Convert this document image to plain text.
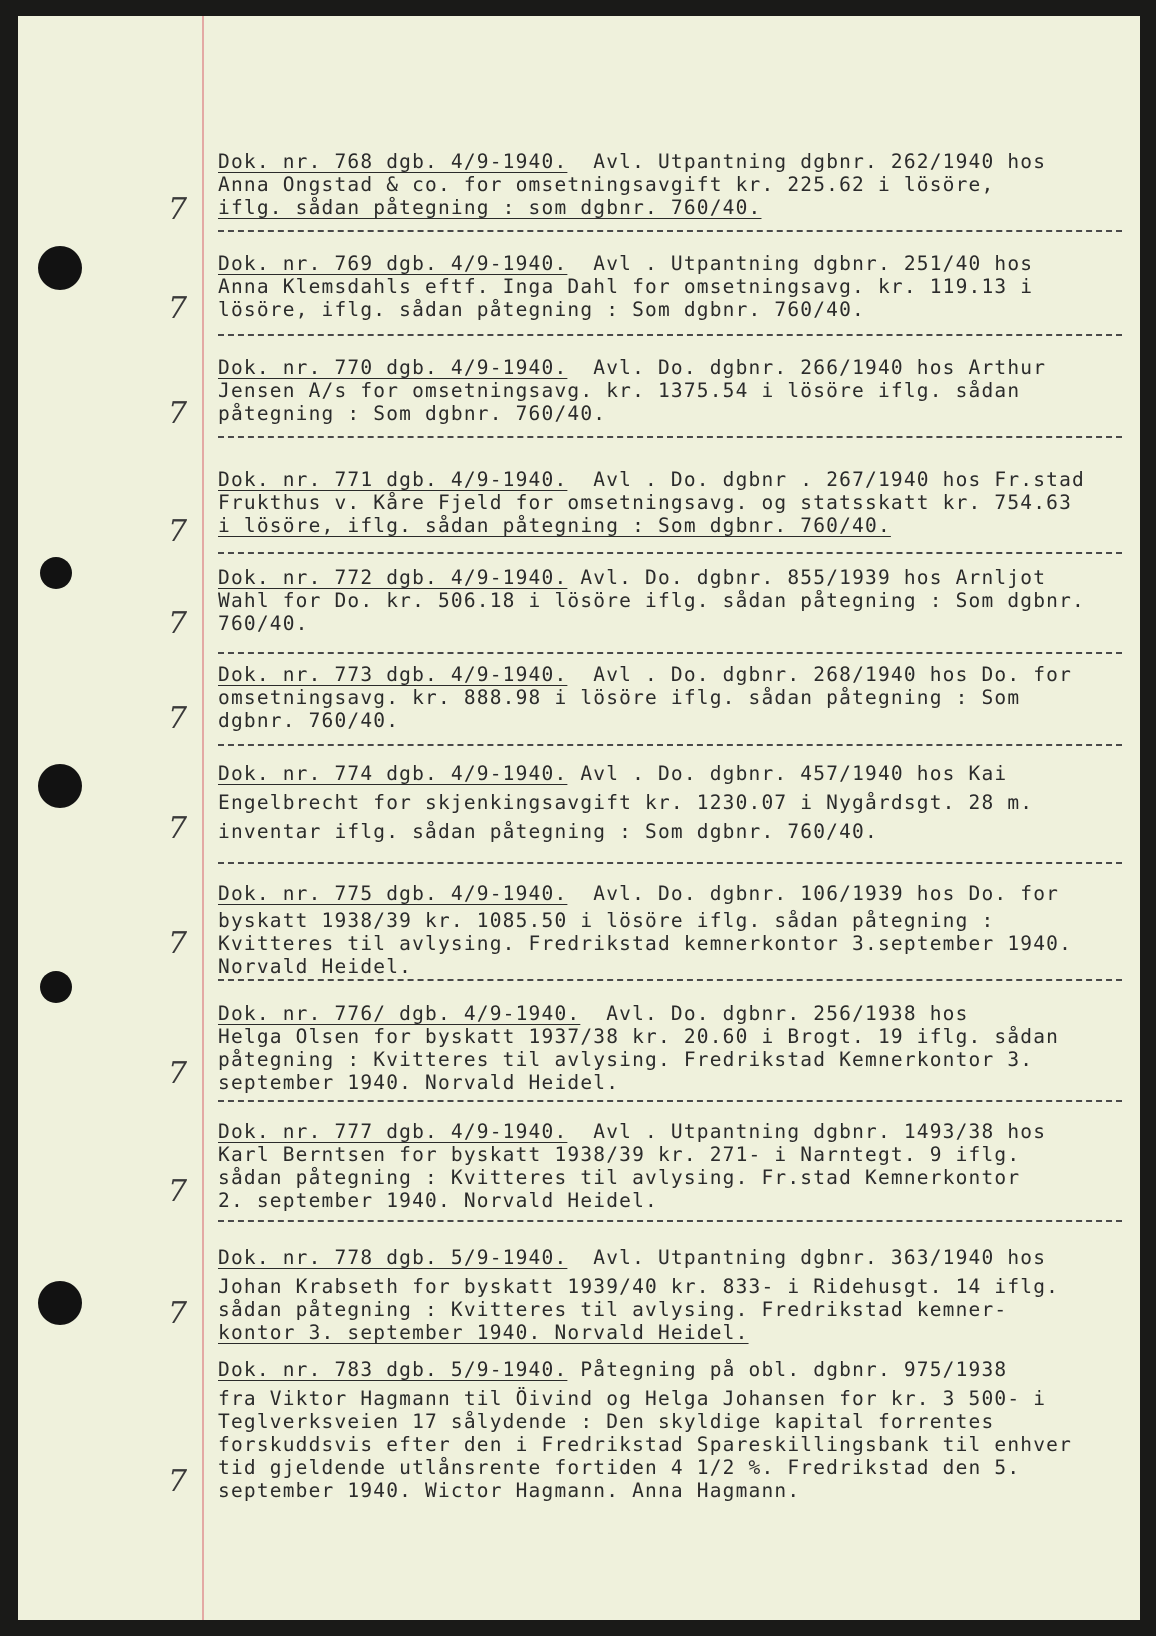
Dok. nr. 768 dgb. 4/9-1940.  Avl. Utpantning dgbnr. 262/1940 hos
Anna Ongstad & co. for omsetningsavgift kr. 225.62 i lösöre,
iflg. sådan påtegning : som dgbnr. 760/40.
7
Dok. nr. 769 dgb. 4/9-1940.  Avl . Utpantning dgbnr. 251/40 hos
Anna Klemsdahls eftf. Inga Dahl for omsetningsavg. kr. 119.13 i
lösöre, iflg. sådan påtegning : Som dgbnr. 760/40.
7
Dok. nr. 770 dgb. 4/9-1940.  Avl. Do. dgbnr. 266/1940 hos Arthur
Jensen A/s for omsetningsavg. kr. 1375.54 i lösöre iflg. sådan
påtegning : Som dgbnr. 760/40.
7
Dok. nr. 771 dgb. 4/9-1940.  Avl . Do. dgbnr . 267/1940 hos Fr.stad
Frukthus v. Kåre Fjeld for omsetningsavg. og statsskatt kr. 754.63
i lösöre, iflg. sådan påtegning : Som dgbnr. 760/40.
7
Dok. nr. 772 dgb. 4/9-1940. Avl. Do. dgbnr. 855/1939 hos Arnljot
Wahl for Do. kr. 506.18 i lösöre iflg. sådan påtegning : Som dgbnr.
760/40.
7
Dok. nr. 773 dgb. 4/9-1940.  Avl . Do. dgbnr. 268/1940 hos Do. for
omsetningsavg. kr. 888.98 i lösöre iflg. sådan påtegning : Som
dgbnr. 760/40.
7
Dok. nr. 774 dgb. 4/9-1940. Avl . Do. dgbnr. 457/1940 hos Kai
Engelbrecht for skjenkingsavgift kr. 1230.07 i Nygårdsgt. 28 m.
inventar iflg. sådan påtegning : Som dgbnr. 760/40.
7
Dok. nr. 775 dgb. 4/9-1940.  Avl. Do. dgbnr. 106/1939 hos Do. for
byskatt 1938/39 kr. 1085.50 i lösöre iflg. sådan påtegning :
Kvitteres til avlysing. Fredrikstad kemnerkontor 3.september 1940.
Norvald Heidel.
7
Dok. nr. 776/ dgb. 4/9-1940.  Avl. Do. dgbnr. 256/1938 hos
Helga Olsen for byskatt 1937/38 kr. 20.60 i Brogt. 19 iflg. sådan
påtegning : Kvitteres til avlysing. Fredrikstad Kemnerkontor 3.
september 1940. Norvald Heidel.
7
Dok. nr. 777 dgb. 4/9-1940.  Avl . Utpantning dgbnr. 1493/38 hos
Karl Berntsen for byskatt 1938/39 kr. 271- i Narntegt. 9 iflg.
sådan påtegning : Kvitteres til avlysing. Fr.stad Kemnerkontor
2. september 1940. Norvald Heidel.
7
Dok. nr. 778 dgb. 5/9-1940.  Avl. Utpantning dgbnr. 363/1940 hos
Johan Krabseth for byskatt 1939/40 kr. 833- i Ridehusgt. 14 iflg.
sådan påtegning : Kvitteres til avlysing. Fredrikstad kemner-
kontor 3. september 1940. Norvald Heidel.
7
Dok. nr. 783 dgb. 5/9-1940. Påtegning på obl. dgbnr. 975/1938
fra Viktor Hagmann til Öivind og Helga Johansen for kr. 3 500- i
Teglverksveien 17 sålydende : Den skyldige kapital forrentes
forskuddsvis efter den i Fredrikstad Spareskillingsbank til enhver
tid gjeldende utlånsrente fortiden 4 1/2 %. Fredrikstad den 5.
september 1940. Wictor Hagmann. Anna Hagmann.
7
